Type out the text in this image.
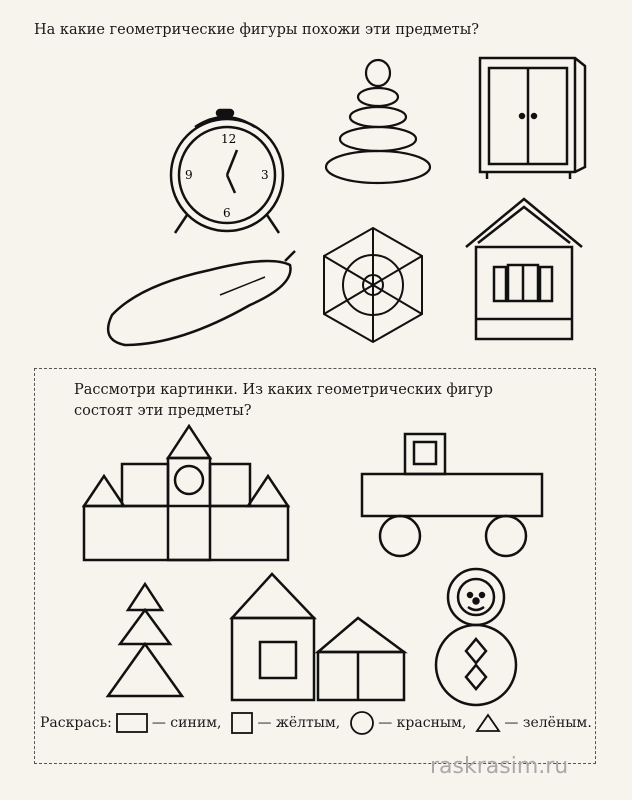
На какие геометрические фигуры похожи эти предметы?
12
3
6
9
Рассмотри картинки. Из каких геометрических фигур
состоят эти предметы?
Раскрась:	— синим,	— жёлтым,	— красным,	— зелёным.
raskrasim.ru
